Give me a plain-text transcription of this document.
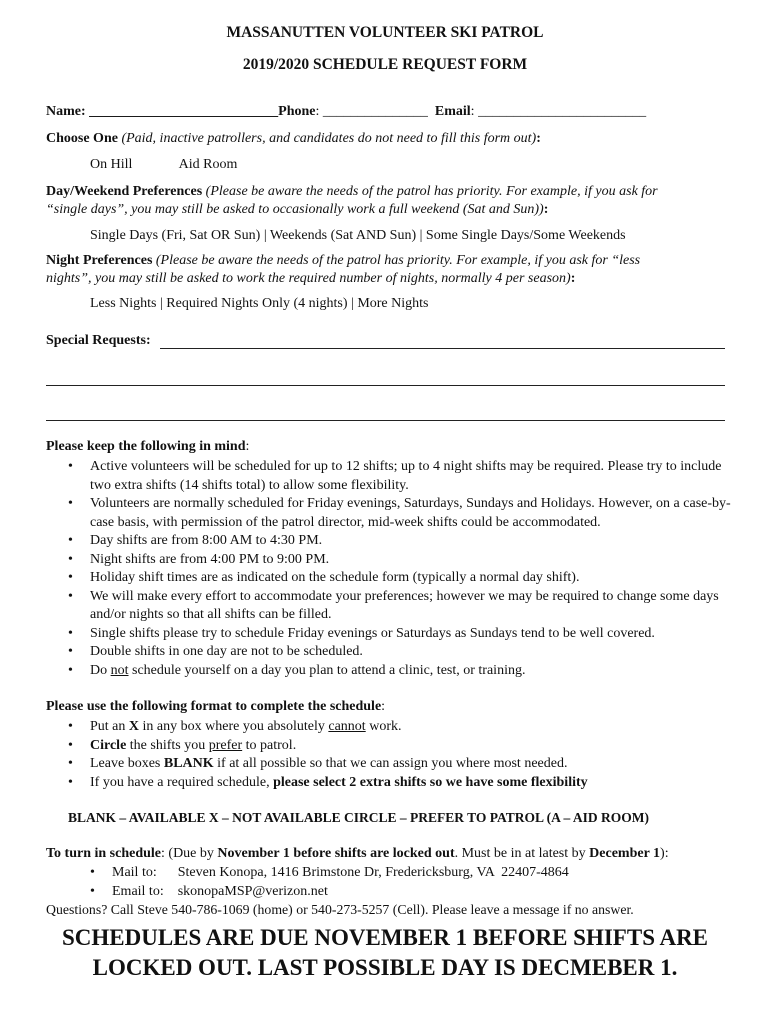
MASSANUTTEN VOLUNTEER SKI PATROL
2019/2020 SCHEDULE REQUEST FORM
Name: ___________________________Phone: _______________ Email: ________________________
Choose One (Paid, inactive patrollers, and candidates do not need to fill this form out):
On Hill	Aid Room
Day/Weekend Preferences (Please be aware the needs of the patrol has priority. For example, if you ask for
“single days”, you may still be asked to occasionally work a full weekend (Sat and Sun)):
Single Days (Fri, Sat OR Sun) | Weekends (Sat AND Sun) | Some Single Days/Some Weekends
Night Preferences (Please be aware the needs of the patrol has priority. For example, if you ask for “less
nights”, you may still be asked to work the required number of nights, normally 4 per season):
Less Nights | Required Nights Only (4 nights) | More Nights
Special Requests:
Please keep the following in mind:
• Active volunteers will be scheduled for up to 12 shifts; up to 4 night shifts may be required. Please try to include two extra shifts (14 shifts total) to allow some flexibility.
• Volunteers are normally scheduled for Friday evenings, Saturdays, Sundays and Holidays. However, on a case-by-case basis, with permission of the patrol director, mid-week shifts could be accommodated.
• Day shifts are from 8:00 AM to 4:30 PM.
• Night shifts are from 4:00 PM to 9:00 PM.
• Holiday shift times are as indicated on the schedule form (typically a normal day shift).
• We will make every effort to accommodate your preferences; however we may be required to change some days and/or nights so that all shifts can be filled.
• Single shifts please try to schedule Friday evenings or Saturdays as Sundays tend to be well covered.
• Double shifts in one day are not to be scheduled.
• Do not schedule yourself on a day you plan to attend a clinic, test, or training.
Please use the following format to complete the schedule:
• Put an X in any box where you absolutely cannot work.
• Circle the shifts you prefer to patrol.
• Leave boxes BLANK if at all possible so that we can assign you where most needed.
• If you have a required schedule, please select 2 extra shifts so we have some flexibility
BLANK – AVAILABLE X – NOT AVAILABLE CIRCLE – PREFER TO PATROL (A – AID ROOM)
To turn in schedule: (Due by November 1 before shifts are locked out. Must be in at latest by December 1):
• Mail to:      Steven Konopa, 1416 Brimstone Dr, Fredericksburg, VA  22407-4864
• Email to:    skonopaMSP@verizon.net
Questions? Call Steve 540-786-1069 (home) or 540-273-5257 (Cell). Please leave a message if no answer.
SCHEDULES ARE DUE NOVEMBER 1 BEFORE SHIFTS ARE
LOCKED OUT. LAST POSSIBLE DAY IS DECMEBER 1.
